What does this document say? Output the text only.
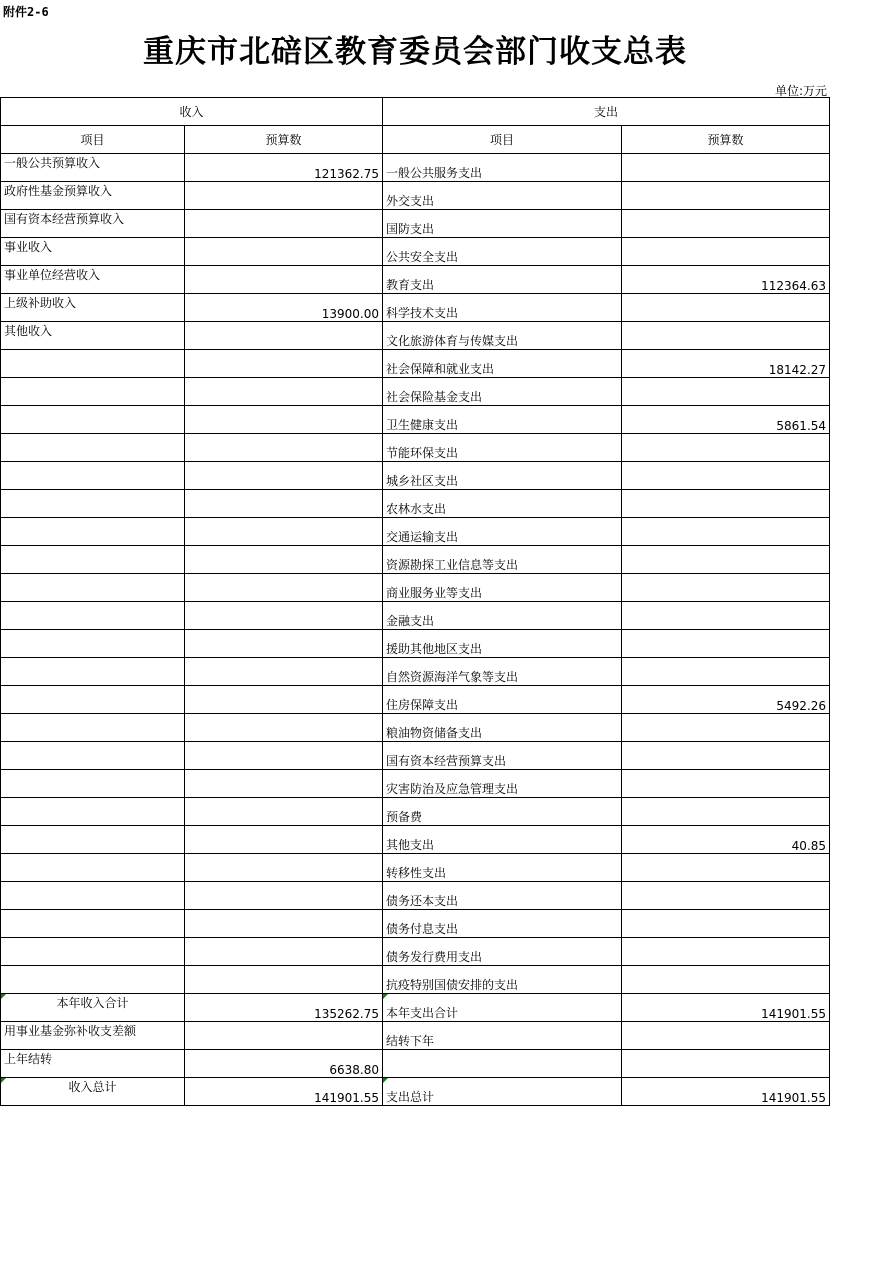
附件2-6
重庆市北碚区教育委员会部门收支总表
单位:万元
收入		支出	
项目	预算数	项目	预算数
一般公共预算收入	121362.75	一般公共服务支出	
政府性基金预算收入		外交支出	
国有资本经营预算收入		国防支出	
事业收入		公共安全支出	
事业单位经营收入		教育支出	112364.63
上级补助收入	13900.00	科学技术支出	
其他收入		文化旅游体育与传媒支出	
		社会保障和就业支出	18142.27
		社会保险基金支出	
		卫生健康支出	5861.54
		节能环保支出	
		城乡社区支出	
		农林水支出	
		交通运输支出	
		资源勘探工业信息等支出	
		商业服务业等支出	
		金融支出	
		援助其他地区支出	
		自然资源海洋气象等支出	
		住房保障支出	5492.26
		粮油物资储备支出	
		国有资本经营预算支出	
		灾害防治及应急管理支出	
		预备费	
		其他支出	40.85
		转移性支出	
		债务还本支出	
		债务付息支出	
		债务发行费用支出	
		抗疫特别国债安排的支出	
本年收入合计	135262.75	本年支出合计	141901.55
用事业基金弥补收支差额		结转下年	
上年结转	6638.80		
收入总计	141901.55	支出总计	141901.55
